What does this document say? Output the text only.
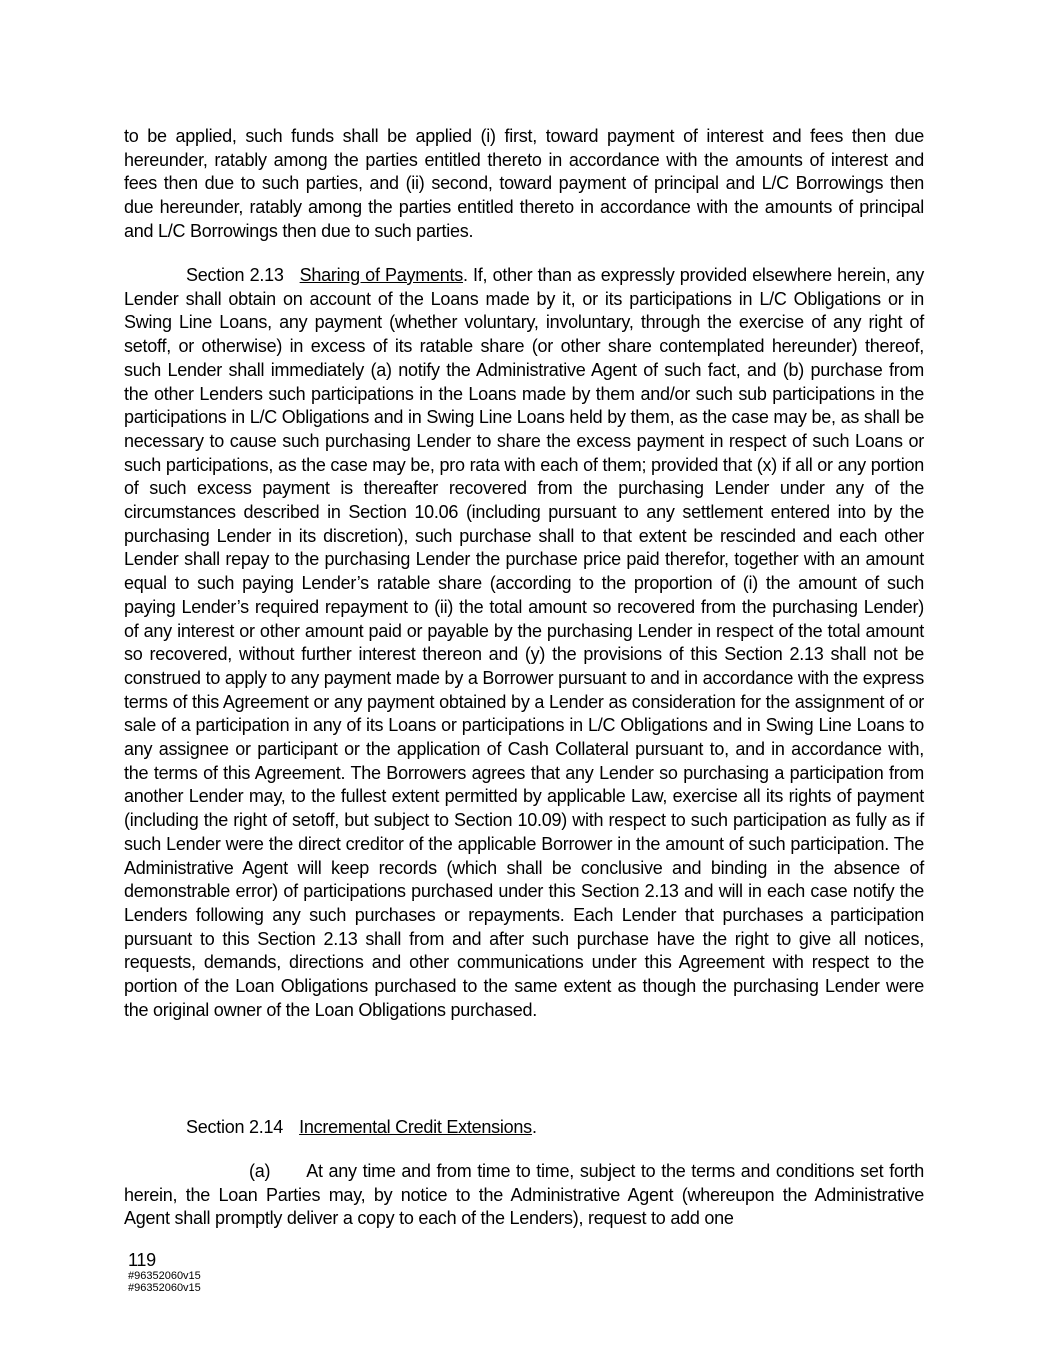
to be applied, such funds shall be applied (i) first, toward payment of interest and fees then due hereunder, ratably among the parties entitled thereto in accordance with the amounts of interest and fees then due to such parties, and (ii) second, toward payment of principal and L/C Borrowings then due hereunder, ratably among the parties entitled thereto in accordance with the amounts of principal and L/C Borrowings then due to such parties.

Section 2.13 Sharing of Payments. If, other than as expressly provided elsewhere herein, any Lender shall obtain on account of the Loans made by it, or its participations in L/C Obligations or in Swing Line Loans, any payment (whether voluntary, involuntary, through the exercise of any right of setoff, or otherwise) in excess of its ratable share (or other share contemplated hereunder) thereof, such Lender shall immediately (a) notify the Administrative Agent of such fact, and (b) purchase from the other Lenders such participations in the Loans made by them and/or such sub participations in the participations in L/C Obligations and in Swing Line Loans held by them, as the case may be, as shall be necessary to cause such purchasing Lender to share the excess payment in respect of such Loans or such participations, as the case may be, pro rata with each of them; provided that (x) if all or any portion of such excess payment is thereafter recovered from the purchasing Lender under any of the circumstances described in Section 10.06 (including pursuant to any settlement entered into by the purchasing Lender in its discretion), such purchase shall to that extent be rescinded and each other Lender shall repay to the purchasing Lender the purchase price paid therefor, together with an amount equal to such paying Lender’s ratable share (according to the proportion of (i) the amount of such paying Lender’s required repayment to (ii) the total amount so recovered from the purchasing Lender) of any interest or other amount paid or payable by the purchasing Lender in respect of the total amount so recovered, without further interest thereon and (y) the provisions of this Section 2.13 shall not be construed to apply to any payment made by a Borrower pursuant to and in accordance with the express terms of this Agreement or any payment obtained by a Lender as consideration for the assignment of or sale of a participation in any of its Loans or participations in L/C Obligations and in Swing Line Loans to any assignee or participant or the application of Cash Collateral pursuant to, and in accordance with, the terms of this Agreement. The Borrowers agrees that any Lender so purchasing a participation from another Lender may, to the fullest extent permitted by applicable Law, exercise all its rights of payment (including the right of setoff, but subject to Section 10.09) with respect to such participation as fully as if such Lender were the direct creditor of the applicable Borrower in the amount of such participation. The Administrative Agent will keep records (which shall be conclusive and binding in the absence of demonstrable error) of participations purchased under this Section 2.13 and will in each case notify the Lenders following any such purchases or repayments. Each Lender that purchases a participation pursuant to this Section 2.13 shall from and after such purchase have the right to give all notices, requests, demands, directions and other communications under this Agreement with respect to the portion of the Loan Obligations purchased to the same extent as though the purchasing Lender were the original owner of the Loan Obligations purchased.

Section 2.14 Incremental Credit Extensions.

(a) At any time and from time to time, subject to the terms and conditions set forth herein, the Loan Parties may, by notice to the Administrative Agent (whereupon the Administrative Agent shall promptly deliver a copy to each of the Lenders), request to add one

119
#96352060v15
#96352060v15
